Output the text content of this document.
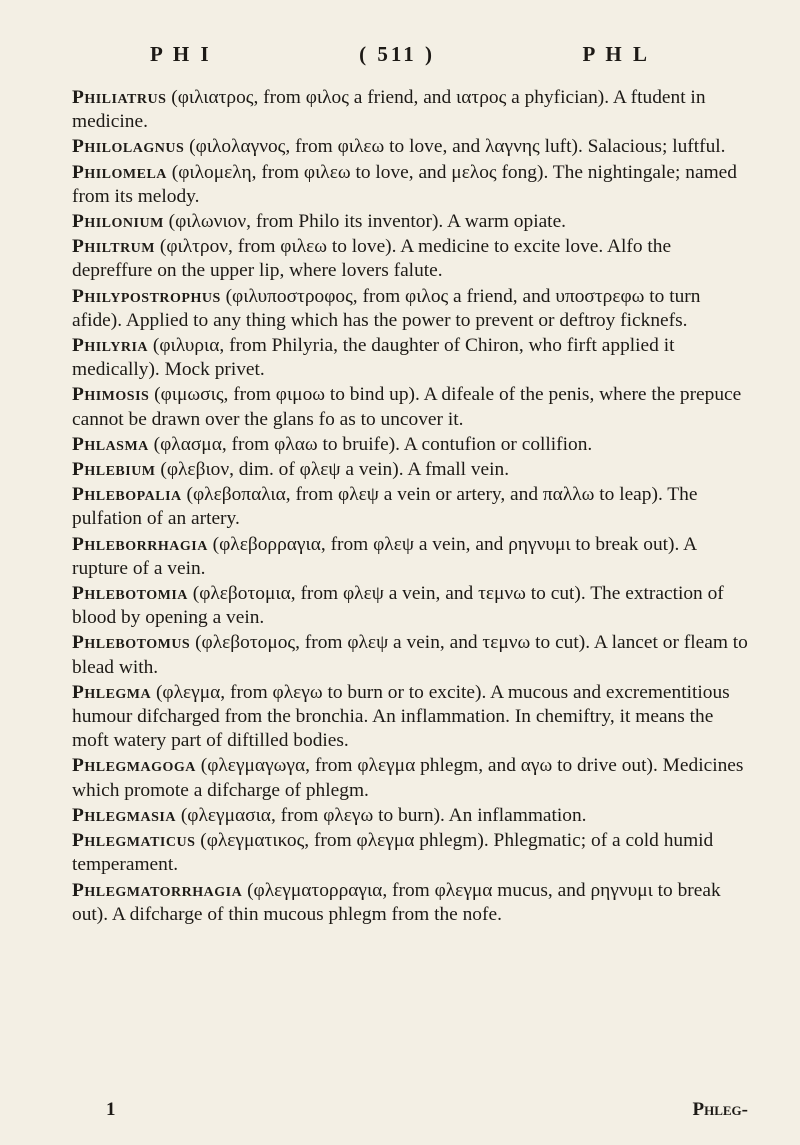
P H I	( 511 )	P H L

Philiatrus (φιλιατρος, from φιλος a friend, and ιατρος a phyfician). A ftudent in medicine.

Philolagnus (φιλολαγνος, from φιλεω to love, and λαγνης luft). Salacious; luftful.

Philomela (φιλομελη, from φιλεω to love, and μελος fong). The nightingale; named from its melody.

Philonium (φιλωνιον, from Philo its inventor). A warm opiate.

Philtrum (φιλτρον, from φιλεω to love). A medicine to excite love. Alfo the depreffure on the upper lip, where lovers falute.

Philypostrophus (φιλυποστροφος, from φιλος a friend, and υποστρεφω to turn afide). Applied to any thing which has the power to prevent or deftroy ficknefs.

Philyria (φιλυρια, from Philyria, the daughter of Chiron, who firft applied it medically). Mock privet.

Phimosis (φιμωσις, from φιμοω to bind up). A difeale of the penis, where the prepuce cannot be drawn over the glans fo as to uncover it.

Phlasma (φλασμα, from φλαω to bruife). A contufion or collifion.

Phlebium (φλεβιον, dim. of φλεψ a vein). A fmall vein.

Phlebopalia (φλεβοπαλια, from φλεψ a vein or artery, and παλλω to leap). The pulfation of an artery.

Phleborrhagia (φλεβορραγια, from φλεψ a vein, and ρηγνυμι to break out). A rupture of a vein.

Phlebotomia (φλεβοτομια, from φλεψ a vein, and τεμνω to cut). The extraction of blood by opening a vein.

Phlebotomus (φλεβοτομος, from φλεψ a vein, and τεμνω to cut). A lancet or fleam to blead with.

Phlegma (φλεγμα, from φλεγω to burn or to excite). A mucous and excrementitious humour difcharged from the bronchia. An inflammation. In chemiftry, it means the moft watery part of diftilled bodies.

Phlegmagoga (φλεγμαγωγα, from φλεγμα phlegm, and αγω to drive out). Medicines which promote a difcharge of phlegm.

Phlegmasia (φλεγμασια, from φλεγω to burn). An inflammation.

Phlegmaticus (φλεγματικος, from φλεγμα phlegm). Phlegmatic; of a cold humid temperament.

Phlegmatorrhagia (φλεγματορραγια, from φλεγμα mucus, and ρηγνυμι to break out). A difcharge of thin mucous phlegm from the nofe.

1	Phleg-
